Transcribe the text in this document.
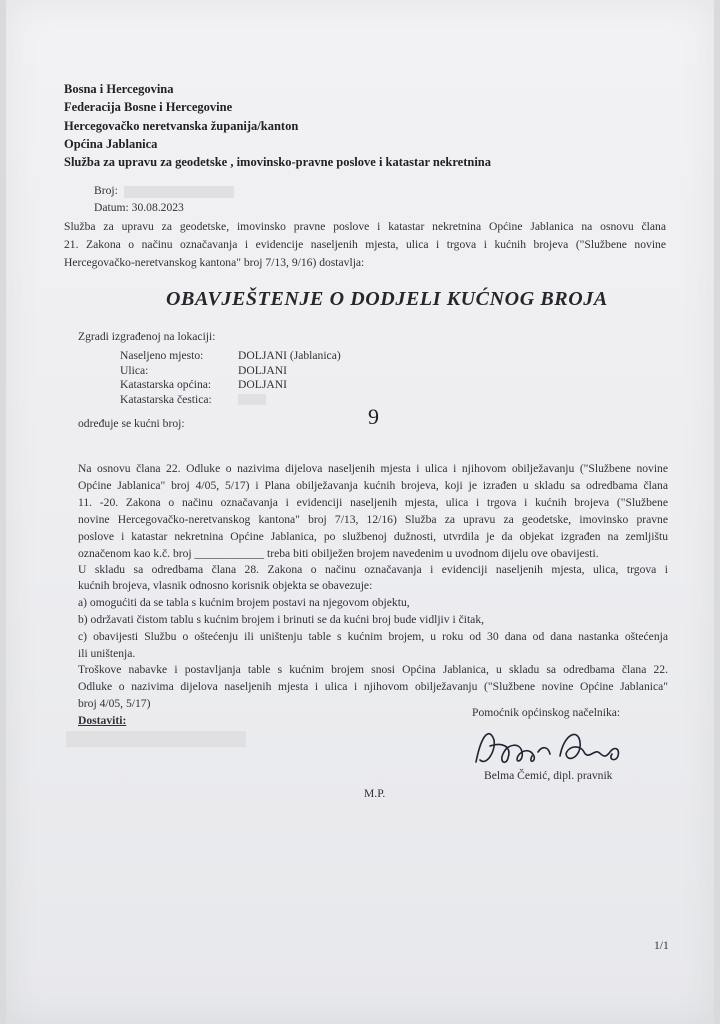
Bosna i Hercegovina
Federacija Bosne i Hercegovine
Hercegovačko neretvanska županija/kanton
Općina Jablanica
Služba za upravu za geodetske , imovinsko-pravne poslove i katastar nekretnina
Broj:
Datum: 30.08.2023
Služba za upravu za geodetske, imovinsko pravne poslove i katastar nekretnina Općine Jablanica na osnovu člana
21. Zakona o načinu označavanja i evidencije naseljenih mjesta, ulica i trgova i kućnih brojeva ("Službene novine
Hercegovačko-neretvanskog kantona" broj 7/13, 9/16) dostavlja:
OBAVJEŠTENJE O DODJELI KUĆNOG BROJA
Zgradi izgrađenoj na lokaciji:
Naseljeno mjesto:	DOLJANI (Jablanica)
Ulica:	DOLJANI
Katastarska općina: DOLJANI
Katastarska čestica:
određuje se kućni broj:	9
Na osnovu člana 22. Odluke o nazivima dijelova naseljenih mjesta i ulica i njihovom obilježavanju ("Službene novine
Općine Jablanica" broj 4/05, 5/17) i Plana obilježavanja kućnih brojeva, koji je izrađen u skladu sa odredbama člana
11. -20. Zakona o načinu označavanja i evidenciji naseljenih mjesta, ulica i trgova i kućnih brojeva ("Službene
novine Hercegovačko-neretvanskog kantona" broj 7/13, 12/16) Služba za upravu za geodetske, imovinsko pravne
poslove i katastar nekretnina Općine Jablanica, po službenoj dužnosti, utvrdila je da objekat izgrađen na zemljištu
označenom kao k.č. broj ____________ treba biti obilježen brojem navedenim u uvodnom dijelu ove obavijesti.
U skladu sa odredbama člana 28. Zakona o načinu označavanja i evidenciji naseljenih mjesta, ulica, trgova i
kućnih brojeva, vlasnik odnosno korisnik objekta se obavezuje:
a) omogućiti da se tabla s kućnim brojem postavi na njegovom objektu,
b) održavati čistom tablu s kućnim brojem i brinuti se da kućni broj bude vidljiv i čitak,
c) obavijesti Službu o oštećenju ili uništenju table s kućnim brojem, u roku od 30 dana od dana nastanka oštećenja
ili uništenja.
Troškove nabavke i postavljanja table s kućnim brojem snosi Općina Jablanica, u skladu sa odredbama člana 22.
Odluke o nazivima dijelova naseljenih mjesta i ulica i njihovom obilježavanju ("Službene novine Općine Jablanica"
broj 4/05, 5/17)
Dostaviti:
Pomoćnik općinskog načelnika:
Belma Čemić, dipl. pravnik
M.P.
1/1
